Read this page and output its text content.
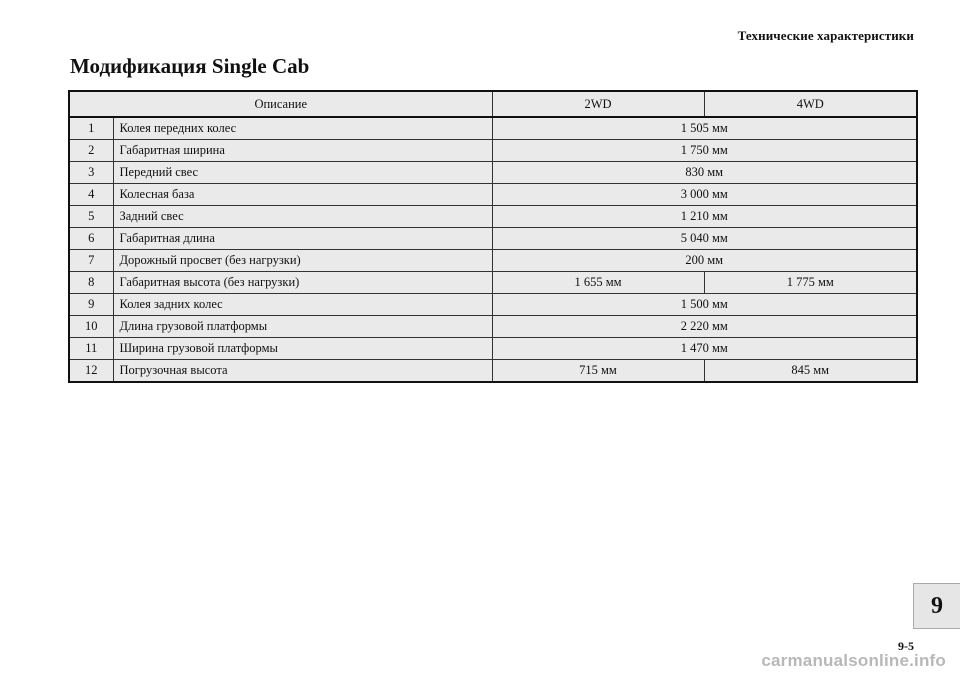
Технические характеристики
Модификация Single Cab
Описание		2WD	4WD
1	Колея передних колес	1 505 мм	
2	Габаритная ширина	1 750 мм	
3	Передний свес	830 мм	
4	Колесная база	3 000 мм	
5	Задний свес	1 210 мм	
6	Габаритная длина	5 040 мм	
7	Дорожный просвет (без нагрузки)	200 мм	
8	Габаритная высота (без нагрузки)	1 655 мм	1 775 мм
9	Колея задних колес	1 500 мм	
10	Длина грузовой платформы	2 220 мм	
11	Ширина грузовой платформы	1 470 мм	
12	Погрузочная высота	715 мм	845 мм
9
9-5
carmanualsonline.info
